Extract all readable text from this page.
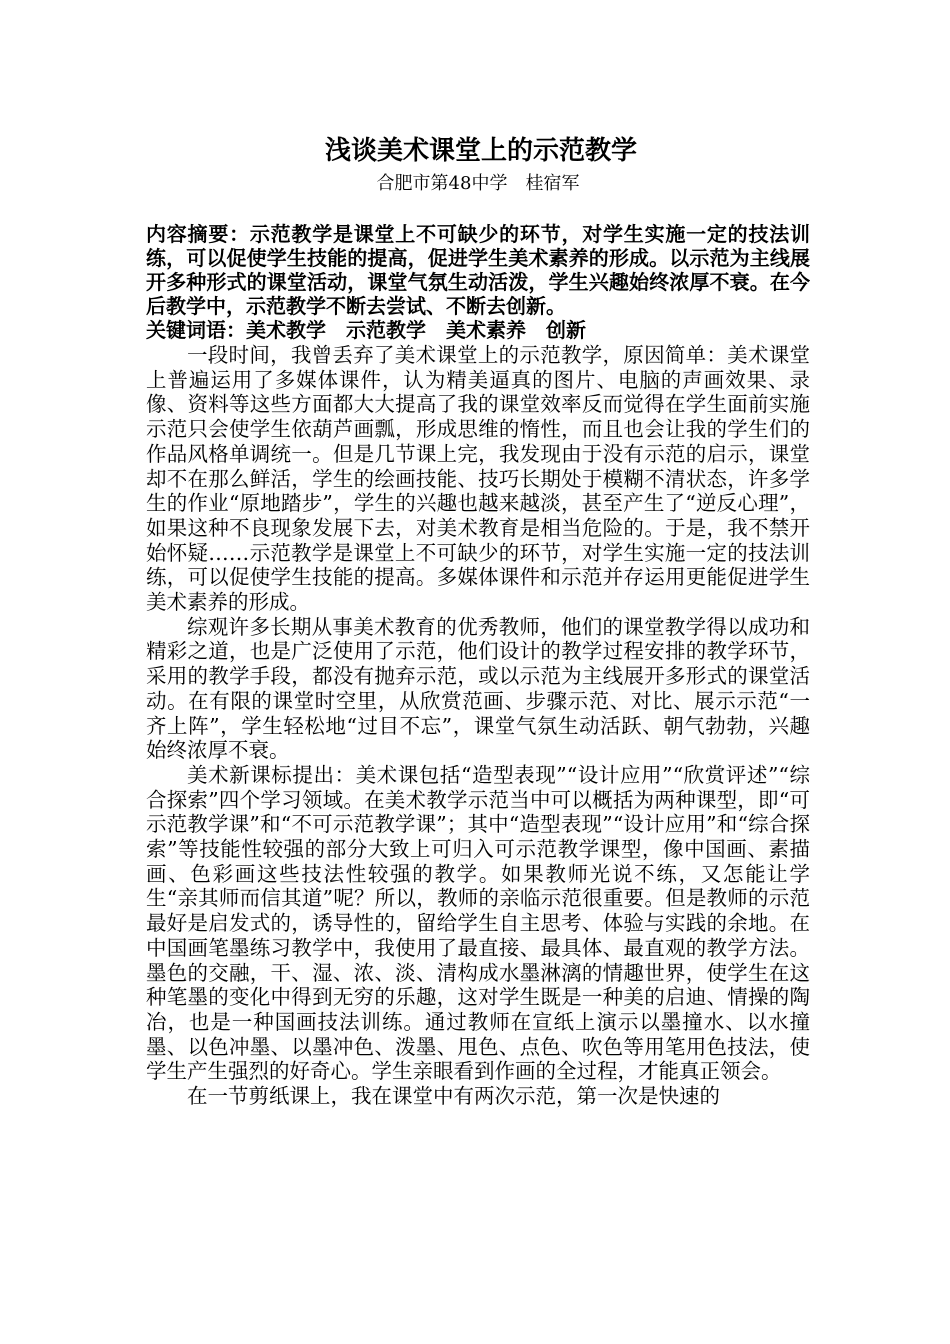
浅谈美术课堂上的示范教学

合肥市第48中学　桂宿军

内容摘要：示范教学是课堂上不可缺少的环节，对学生实施一定的技法训练，可以促使学生技能的提高，促进学生美术素养的形成。以示范为主线展开多种形式的课堂活动，课堂气氛生动活泼，学生兴趣始终浓厚不衰。在今后教学中，示范教学不断去尝试、不断去创新。

关键词语：美术教学　示范教学　美术素养　创新

一段时间，我曾丢弃了美术课堂上的示范教学，原因简单：美术课堂上普遍运用了多媒体课件，认为精美逼真的图片、电脑的声画效果、录像、资料等这些方面都大大提高了我的课堂效率反而觉得在学生面前实施示范只会使学生依葫芦画瓢，形成思维的惰性，而且也会让我的学生们的作品风格单调统一。但是几节课上完，我发现由于没有示范的启示，课堂却不在那么鲜活，学生的绘画技能、技巧长期处于模糊不清状态，许多学生的作业“原地踏步”，学生的兴趣也越来越淡，甚至产生了“逆反心理”，如果这种不良现象发展下去，对美术教育是相当危险的。于是，我不禁开始怀疑……示范教学是课堂上不可缺少的环节，对学生实施一定的技法训练，可以促使学生技能的提高。多媒体课件和示范并存运用更能促进学生美术素养的形成。

综观许多长期从事美术教育的优秀教师，他们的课堂教学得以成功和精彩之道，也是广泛使用了示范，他们设计的教学过程安排的教学环节，采用的教学手段，都没有抛弃示范，或以示范为主线展开多形式的课堂活动。在有限的课堂时空里，从欣赏范画、步骤示范、对比、展示示范“一齐上阵”，学生轻松地“过目不忘”，课堂气氛生动活跃、朝气勃勃，兴趣始终浓厚不衰。

美术新课标提出：美术课包括“造型表现”“设计应用”“欣赏评述”“综合探索”四个学习领域。在美术教学示范当中可以概括为两种课型，即“可示范教学课”和“不可示范教学课”；其中“造型表现”“设计应用”和“综合探索”等技能性较强的部分大致上可归入可示范教学课型，像中国画、素描画、色彩画这些技法性较强的教学。如果教师光说不练，又怎能让学生“亲其师而信其道”呢？所以，教师的亲临示范很重要。但是教师的示范最好是启发式的，诱导性的，留给学生自主思考、体验与实践的余地。在中国画笔墨练习教学中，我使用了最直接、最具体、最直观的教学方法。墨色的交融，干、湿、浓、淡、清构成水墨淋漓的情趣世界，使学生在这种笔墨的变化中得到无穷的乐趣，这对学生既是一种美的启迪、情操的陶冶，也是一种国画技法训练。通过教师在宣纸上演示以墨撞水、以水撞墨、以色冲墨、以墨冲色、泼墨、甩色、点色、吹色等用笔用色技法，使学生产生强烈的好奇心。学生亲眼看到作画的全过程，才能真正领会。

在一节剪纸课上，我在课堂中有两次示范，第一次是快速的
